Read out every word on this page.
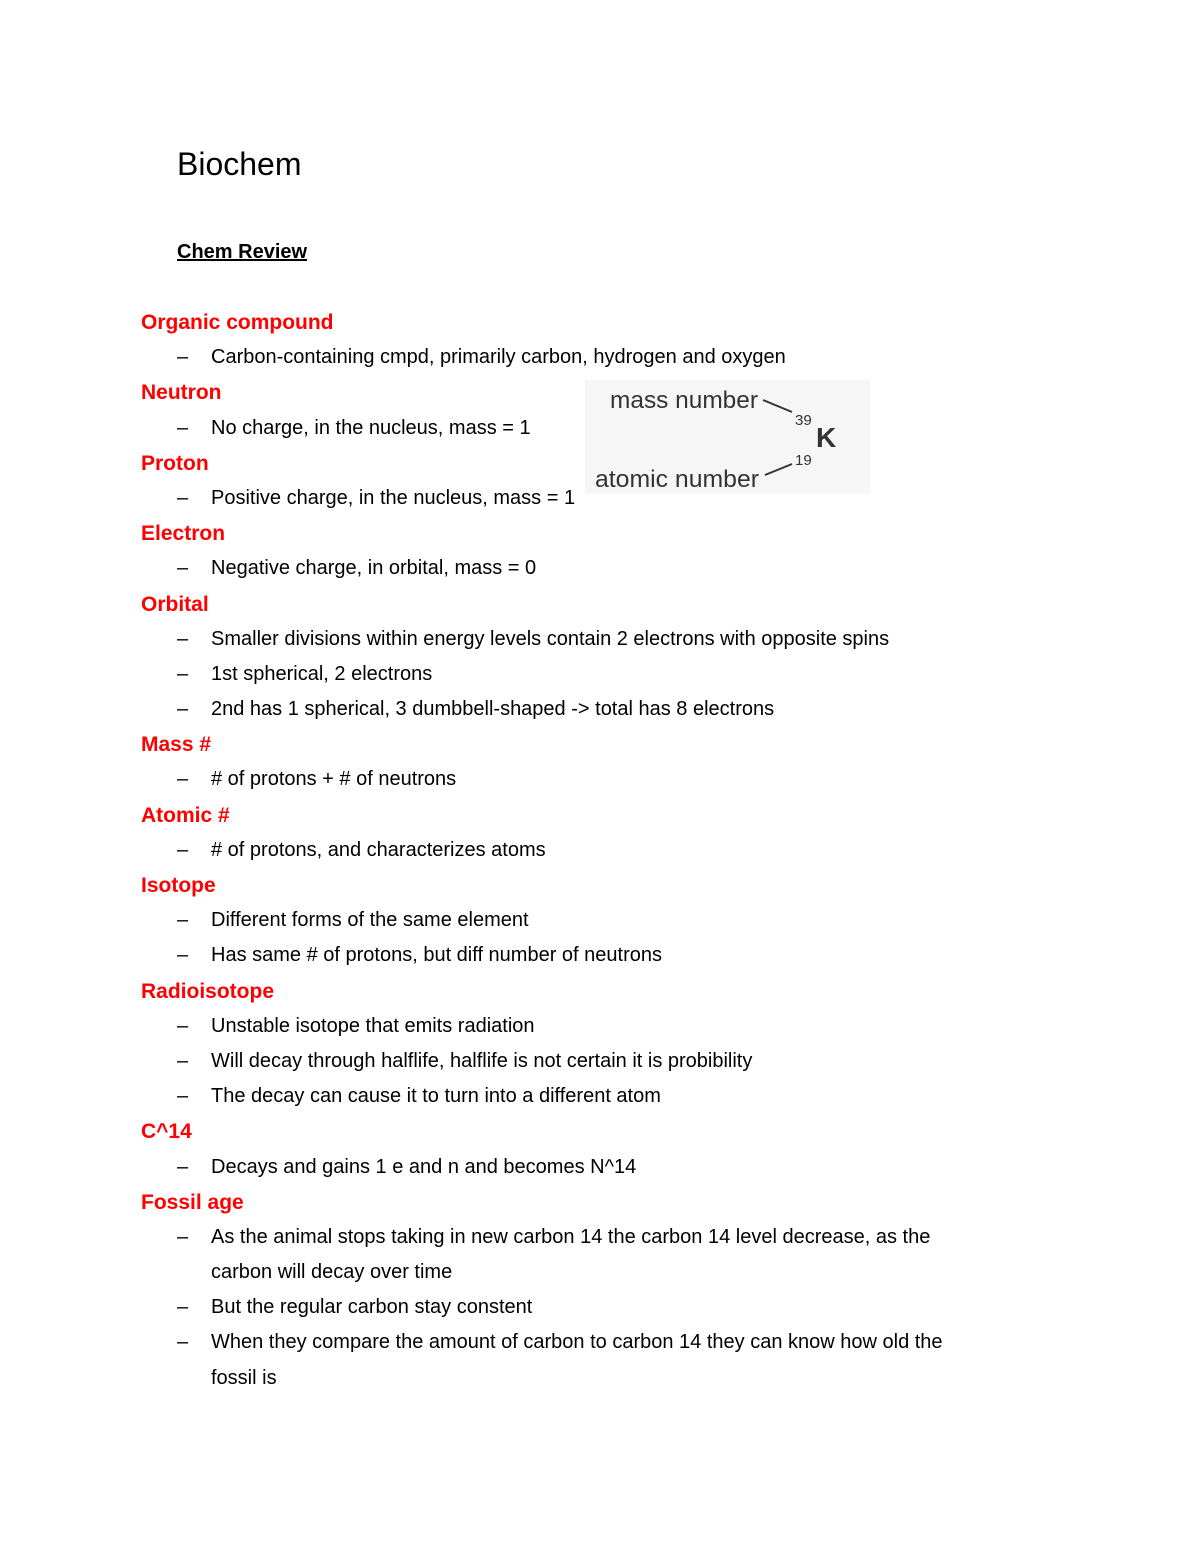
Biochem
Chem Review
Organic compound
– Carbon-containing cmpd, primarily carbon, hydrogen and oxygen
Neutron
– No charge, in the nucleus, mass = 1
Proton
– Positive charge, in the nucleus, mass = 1
Electron
– Negative charge, in orbital, mass = 0
Orbital
– Smaller divisions within energy levels contain 2 electrons with opposite spins
– 1st spherical, 2 electrons
– 2nd has 1 spherical, 3 dumbbell-shaped -> total has 8 electrons
Mass #
– # of protons + # of neutrons
Atomic #
– # of protons, and characterizes atoms
Isotope
– Different forms of the same element
– Has same # of protons, but diff number of neutrons
Radioisotope
– Unstable isotope that emits radiation
– Will decay through halflife, halflife is not certain it is probibility
– The decay can cause it to turn into a different atom
C^14
– Decays and gains 1 e and n and becomes N^14
Fossil age
– As the animal stops taking in new carbon 14 the carbon 14 level decrease, as the
carbon will decay over time
– But the regular carbon stay constent
– When they compare the amount of carbon to carbon 14 they can know how old the
fossil is
mass number
39
K
19
atomic number
